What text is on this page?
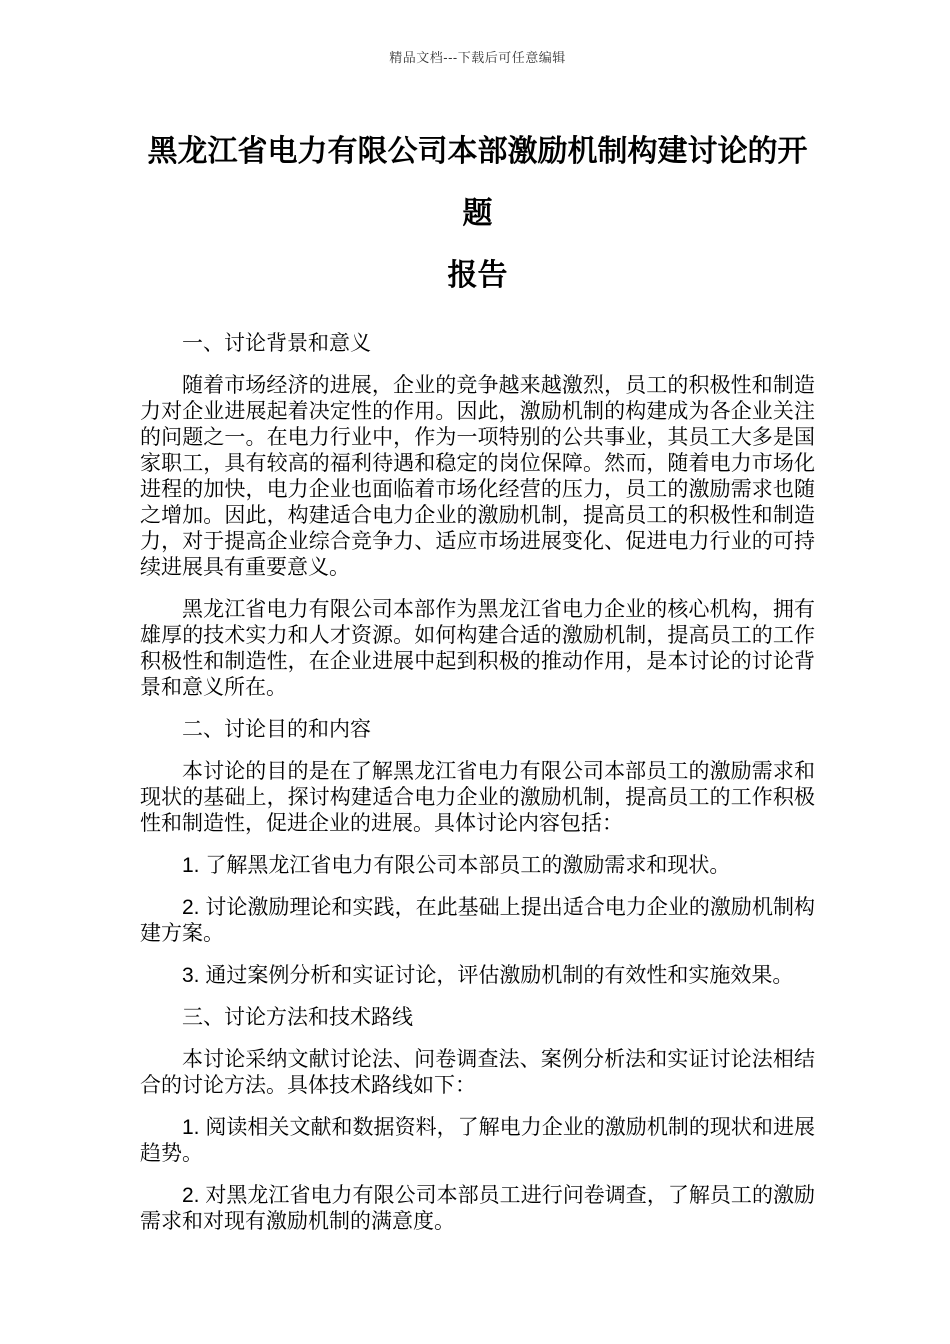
精品文档---下载后可任意编辑
黑龙江省电力有限公司本部激励机制构建讨论的开题
报告

一、讨论背景和意义

随着市场经济的进展，企业的竞争越来越激烈，员工的积极性和制造力对企业进展起着决定性的作用。因此，激励机制的构建成为各企业关注的问题之一。在电力行业中，作为一项特别的公共事业，其员工大多是国家职工，具有较高的福利待遇和稳定的岗位保障。然而，随着电力市场化进程的加快，电力企业也面临着市场化经营的压力，员工的激励需求也随之增加。因此，构建适合电力企业的激励机制，提高员工的积极性和制造力，对于提高企业综合竞争力、适应市场进展变化、促进电力行业的可持续进展具有重要意义。

黑龙江省电力有限公司本部作为黑龙江省电力企业的核心机构，拥有雄厚的技术实力和人才资源。如何构建合适的激励机制，提高员工的工作积极性和制造性，在企业进展中起到积极的推动作用，是本讨论的讨论背景和意义所在。

二、讨论目的和内容

本讨论的目的是在了解黑龙江省电力有限公司本部员工的激励需求和现状的基础上，探讨构建适合电力企业的激励机制，提高员工的工作积极性和制造性，促进企业的进展。具体讨论内容包括：

1. 了解黑龙江省电力有限公司本部员工的激励需求和现状。

2. 讨论激励理论和实践，在此基础上提出适合电力企业的激励机制构建方案。

3. 通过案例分析和实证讨论，评估激励机制的有效性和实施效果。

三、讨论方法和技术路线

本讨论采纳文献讨论法、问卷调查法、案例分析法和实证讨论法相结合的讨论方法。具体技术路线如下：

1. 阅读相关文献和数据资料，了解电力企业的激励机制的现状和进展趋势。

2. 对黑龙江省电力有限公司本部员工进行问卷调查，了解员工的激励需求和对现有激励机制的满意度。
